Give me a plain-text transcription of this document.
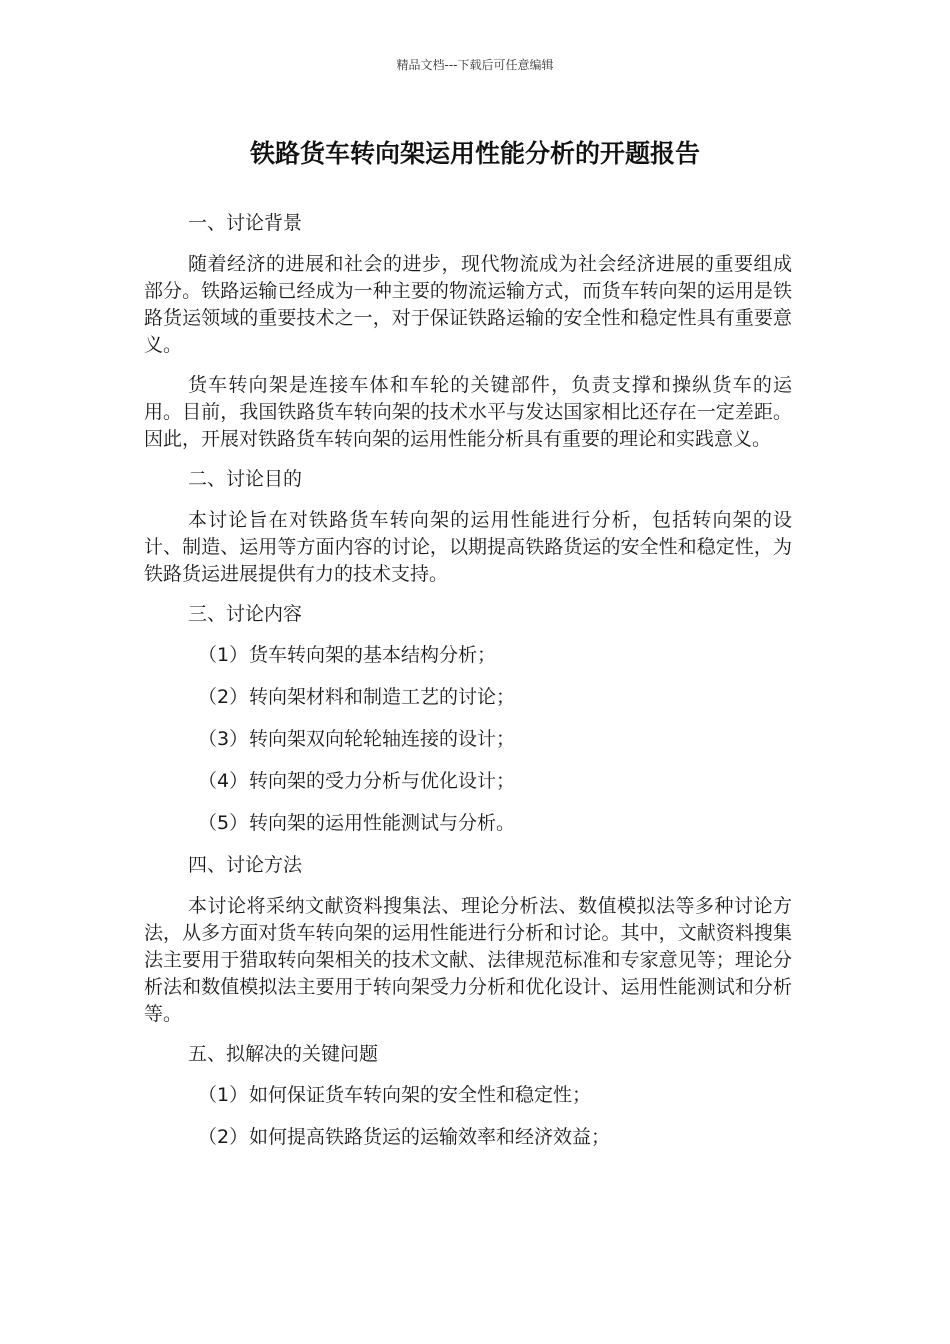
精品文档---下载后可任意编辑
铁路货车转向架运用性能分析的开题报告
一、讨论背景
随着经济的进展和社会的进步，现代物流成为社会经济进展的重要组成部分。铁路运输已经成为一种主要的物流运输方式，而货车转向架的运用是铁路货运领域的重要技术之一，对于保证铁路运输的安全性和稳定性具有重要意义。
货车转向架是连接车体和车轮的关键部件，负责支撑和操纵货车的运用。目前，我国铁路货车转向架的技术水平与发达国家相比还存在一定差距。因此，开展对铁路货车转向架的运用性能分析具有重要的理论和实践意义。
二、讨论目的
本讨论旨在对铁路货车转向架的运用性能进行分析，包括转向架的设计、制造、运用等方面内容的讨论，以期提高铁路货运的安全性和稳定性，为铁路货运进展提供有力的技术支持。
三、讨论内容
（1）货车转向架的基本结构分析；
（2）转向架材料和制造工艺的讨论；
（3）转向架双向轮轮轴连接的设计；
（4）转向架的受力分析与优化设计；
（5）转向架的运用性能测试与分析。
四、讨论方法
本讨论将采纳文献资料搜集法、理论分析法、数值模拟法等多种讨论方法，从多方面对货车转向架的运用性能进行分析和讨论。其中，文献资料搜集法主要用于猎取转向架相关的技术文献、法律规范标准和专家意见等；理论分析法和数值模拟法主要用于转向架受力分析和优化设计、运用性能测试和分析等。
五、拟解决的关键问题
（1）如何保证货车转向架的安全性和稳定性；
（2）如何提高铁路货运的运输效率和经济效益；
